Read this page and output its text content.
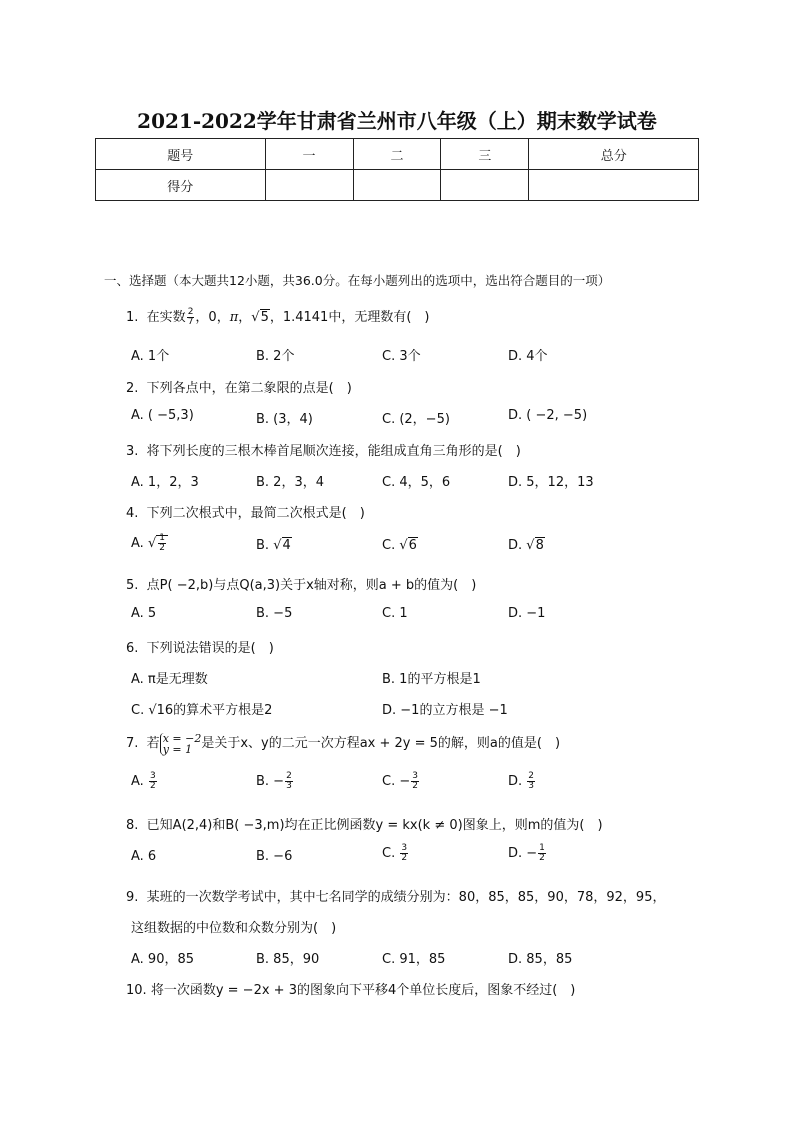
2021-2022学年甘肃省兰州市八年级（上）期末数学试卷
题号	一	二	三	总分
得分				
一、选择题（本大题共12小题，共36.0分。在每小题列出的选项中，选出符合题目的一项）
1. 在实数 $\frac{2}{7}$ ，0，π，√5，1.4141中，无理数有(　)
A. 1个	B. 2个	C. 3个	D. 4个
2. 下列各点中，在第二象限的点是(　)
A. ( −5,3)	B. (3，4)	C. (2，−5)	D. ( −2, −5)
3. 将下列长度的三根木棒首尾顺次连接，能组成直角三角形的是(　)
A. 1，2，3	B. 2，3，4	C. 4，5，6	D. 5，12，13
4. 下列二次根式中，最简二次根式是(　)
A. √ $\frac{1}{2}$	B. √4	C. √6	D. √8
5. 点P( −2,b)与点Q(a,3)关于x轴对称，则a + b的值为(　)
A. 5	B. −5	C. 1	D. −1
6. 下列说法错误的是(　)
A. π是无理数	B. 1的平方根是1
C. √16的算术平方根是2	D. −1的立方根是 −1
7. 若 x = −2
y = 1 是关于x、y的二元一次方程ax + 2y = 5的解，则a的值是(　)
A. $\frac{3}{2}$	B. − $\frac{2}{3}$	C. − $\frac{3}{2}$	D. $\frac{2}{3}$
8. 已知A(2,4)和B( −3,m)均在正比例函数y = kx(k ≠ 0)图象上，则m的值为(　)
A. 6	B. −6	C. $\frac{3}{2}$	D. − $\frac{1}{2}$
9. 某班的一次数学考试中，其中七名同学的成绩分别为：80，85，85，90，78，92，95，
这组数据的中位数和众数分别为(　)
A. 90，85	B. 85，90	C. 91，85	D. 85，85
10. 将一次函数y = −2x + 3的图象向下平移4个单位长度后，图象不经过(　)
